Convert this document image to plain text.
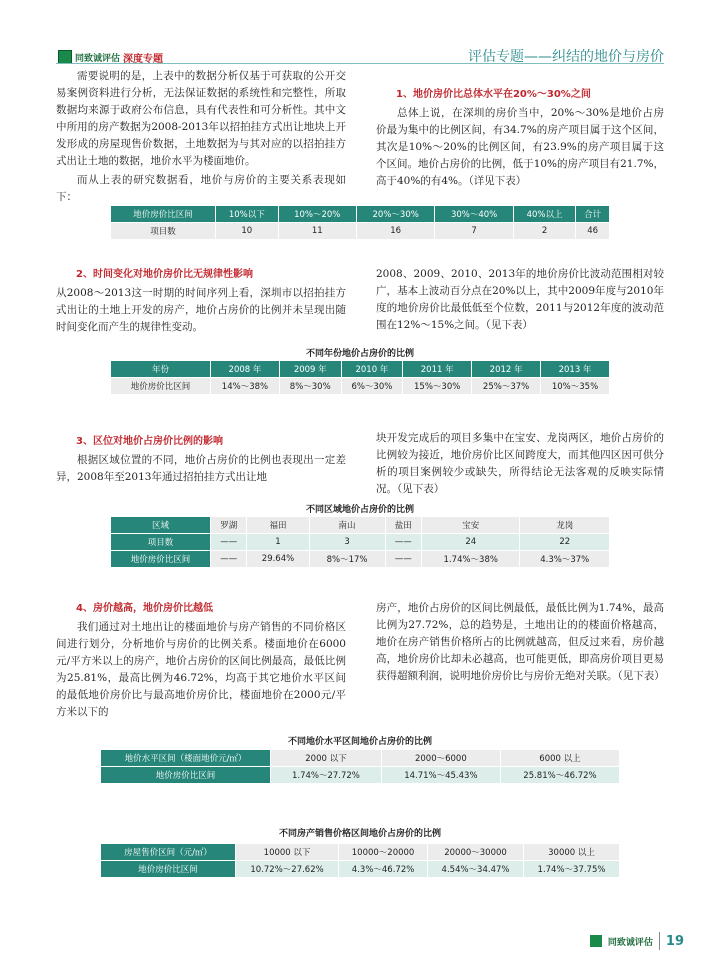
同致诚评估 深度专题	评估专题——纠结的地价与房价

需要说明的是，上表中的数据分析仅基于可获取的公开交易案例资料进行分析，无法保证数据的系统性和完整性，所取数据均来源于政府公布信息，具有代表性和可分析性。其中文中所用的房产数据为2008-2013年以招拍挂方式出让地块上开发形成的房屋现售价数据，土地数据为与其对应的以招拍挂方式出让土地的数据，地价水平为楼面地价。

而从上表的研究数据看，地价与房价的主要关系表现如下：

1、地价房价比总体水平在20%～30%之间

总体上说，在深圳的房价当中，20%～30%是地价占房价最为集中的比例区间，有34.7%的房产项目属于这个区间，其次是10%～20%的比例区间，有23.9%的房产项目属于这个区间。地价占房价的比例，低于10%的房产项目有21.7%，高于40%的有4%。（详见下表）

地价房价比区间	10%以下	10%～20%	20%～30%	30%～40%	40%以上	合计
项目数	10	11	16	7	2	46
2、时间变化对地价房价比无规律性影响

从2008～2013这一时期的时间序列上看，深圳市以招拍挂方式出让的土地上开发的房产，地价占房价的比例并未呈现出随时间变化而产生的规律性变动。

2008、2009、2010、2013年的地价房价比波动范围相对较广，基本上波动百分点在20%以上，其中2009年度与2010年度的地价房价比最低低至个位数，2011与2012年度的波动范围在12%～15%之间。（见下表）

不同年份地价占房价的比例
年份	2008 年	2009 年	2010 年	2011 年	2012 年	2013 年
地价房价比区间	14%～38%	8%～30%	6%～30%	15%～30%	25%～37%	10%～35%
3、区位对地价占房价比例的影响

根据区域位置的不同，地价占房价的比例也表现出一定差异，2008年至2013年通过招拍挂方式出让地

块开发完成后的项目多集中在宝安、龙岗两区，地价占房价的比例较为接近，地价房价比区间跨度大，而其他四区因可供分析的项目案例较少或缺失，所得结论无法客观的反映实际情况。（见下表）

不同区域地价占房价的比例
区域	罗湖	福田	南山	盐田	宝安	龙岗
项目数	——	1	3	——	24	22
地价房价比区间	——	29.64%	8%～17%	——	1.74%～38%	4.3%～37%
4、房价越高，地价房价比越低

我们通过对土地出让的楼面地价与房产销售的不同价格区间进行划分，分析地价与房价的比例关系。楼面地价在6000元/平方米以上的房产，地价占房价的区间比例最高，最低比例为25.81%，最高比例为46.72%，均高于其它地价水平区间的最低地价房价比与最高地价房价比，楼面地价在2000元/平方米以下的

房产，地价占房价的区间比例最低，最低比例为1.74%，最高比例为27.72%，总的趋势是，土地出让的的楼面价格越高，地价在房产销售价格所占的比例就越高，但反过来看，房价越高，地价房价比却未必越高，也可能更低，即高房价项目更易获得超额利润，说明地价房价比与房价无绝对关联。（见下表）

不同地价水平区间地价占房价的比例
地价水平区间（楼面地价元/㎡）	2000 以下	2000～6000	6000 以上
地价房价比区间	1.74%～27.72%	14.71%～45.43%	25.81%～46.72%
不同房产销售价格区间地价占房价的比例
房屋售价区间（元/㎡）	10000 以下	10000～20000	20000～30000	30000 以上
地价房价比区间	10.72%～27.62%	4.3%～46.72%	4.54%～34.47%	1.74%～37.75%
同致诚评估 19
